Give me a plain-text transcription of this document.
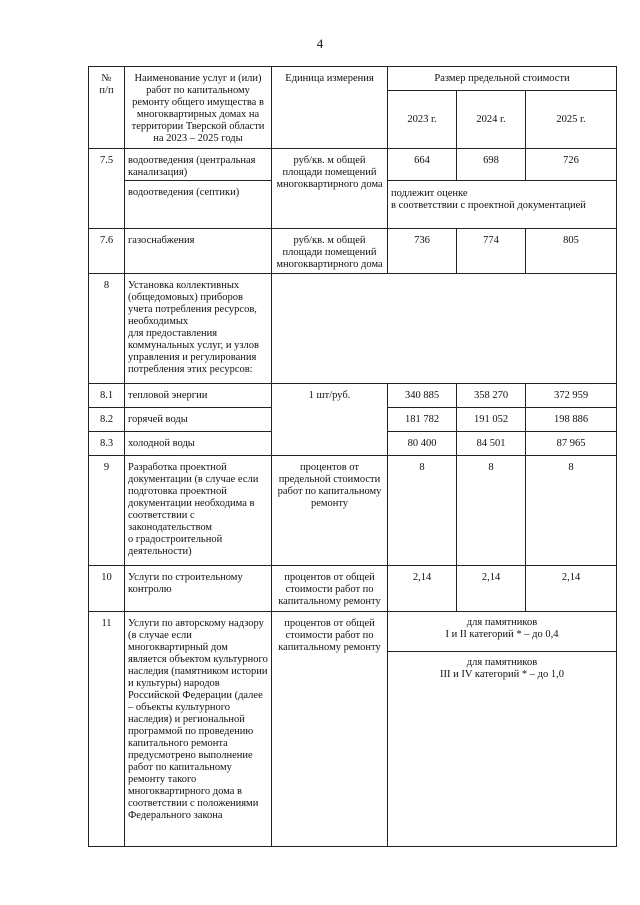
4
№
п/п	Наименование услуг и (или) работ по капитальному ремонту общего имущества в многоквартирных домах на территории Тверской области на 2023 – 2025 годы	Единица измерения	Размер предельной стоимости		
			2023 г.	2024 г.	2025 г.
7.5	водоотведения (центральная канализация)	руб/кв. м общей площади помещений многоквартирного дома	664	698	726
	водоотведения (септики)		подлежит оценке
в соответствии с проектной документацией		
7.6	газоснабжения	руб/кв. м общей площади помещений многоквартирного дома	736	774	805
8	Установка коллективных (общедомовых) приборов учета потребления ресурсов, необходимых
для предоставления коммунальных услуг, и узлов управления и регулирования потребления этих ресурсов:				
8.1	тепловой энергии	1 шт/руб.	340 885	358 270	372 959
8.2	горячей воды		181 782	191 052	198 886
8.3	холодной воды		80 400	84 501	87 965
9	Разработка проектной документации (в случае если подготовка проектной документации необходима в соответствии с законодательством
о градостроительной деятельности)	процентов от предельной стоимости работ по капитальному ремонту	8	8	8
10	Услуги по строительному контролю	процентов от общей стоимости работ по капитальному ремонту	2,14	2,14	2,14
11	Услуги по авторскому надзору (в случае если многоквартирный дом является объектом культурного наследия (памятником истории и культуры) народов Российской Федерации (далее – объекты культурного наследия) и региональной программой по проведению капитального ремонта предусмотрено выполнение работ по капитальному ремонту такого многоквартирного дома в соответствии с положениями Федерального закона	процентов от общей стоимости работ по капитальному ремонту	для памятников
I и II категорий * – до 0,4		
			для памятников
III и IV категорий * – до 1,0		
